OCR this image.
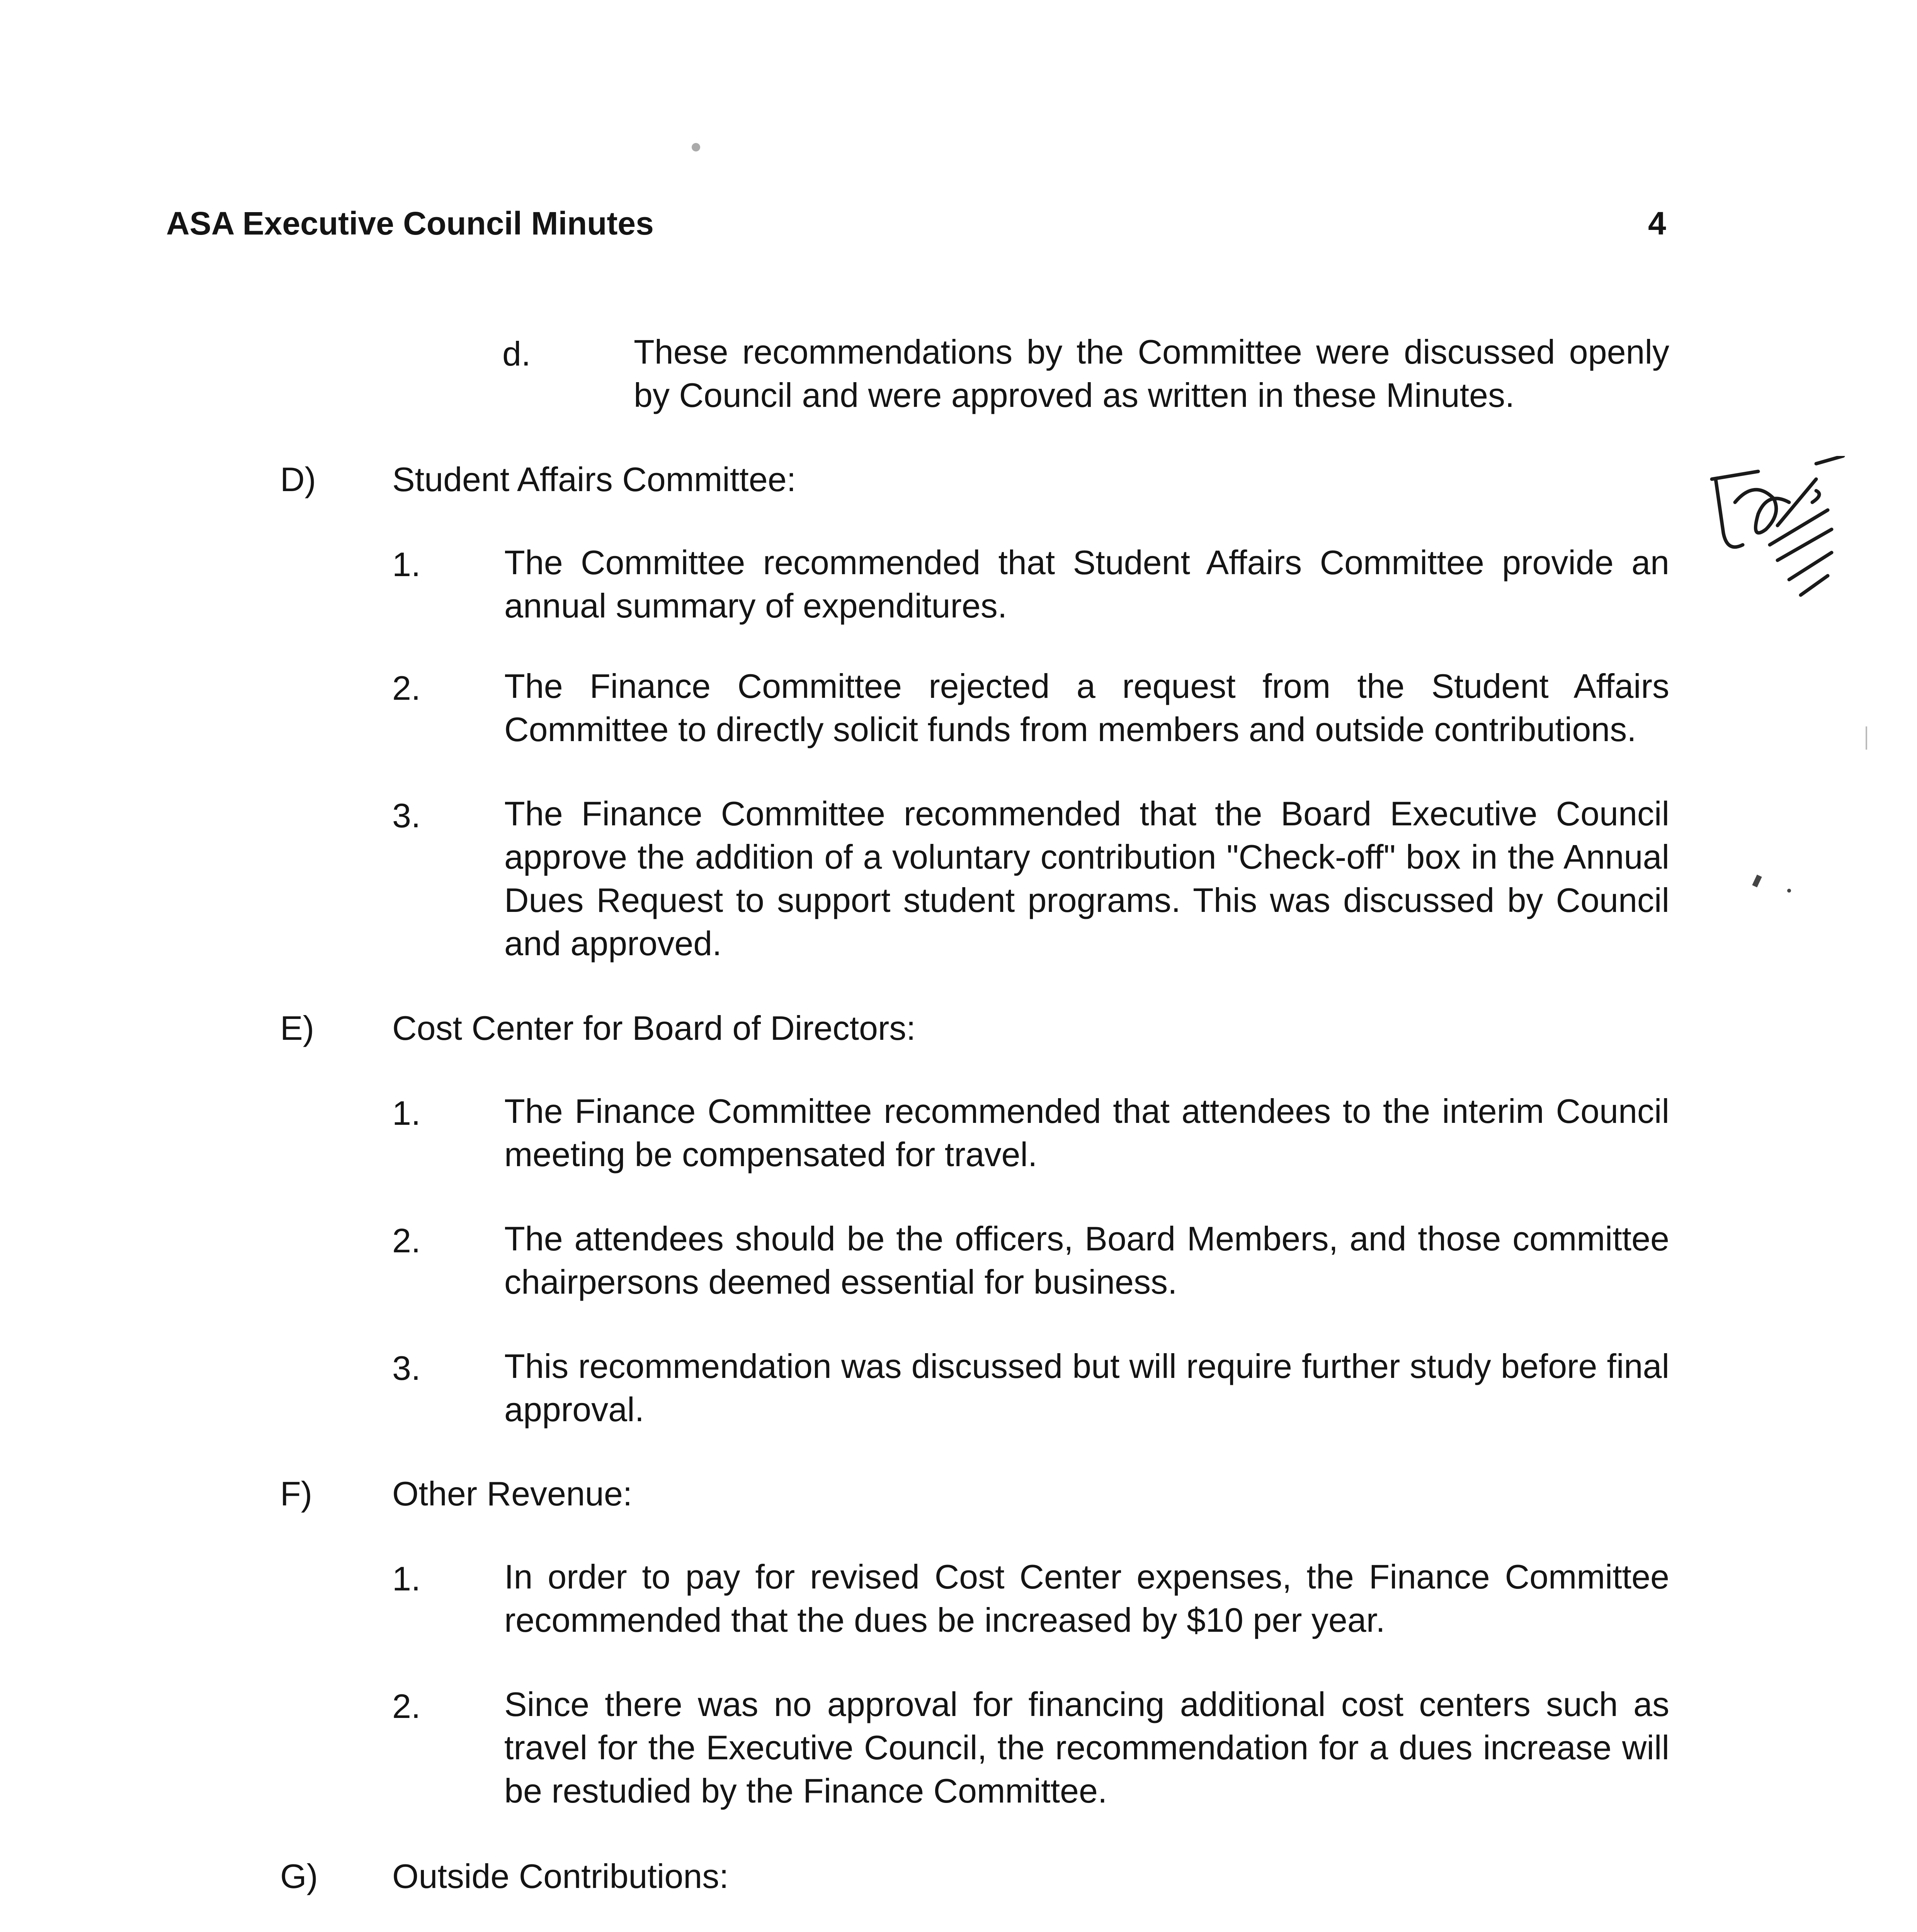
ASA Executive Council Minutes	4
d.	These recommendations by the Committee were discussed openly by Council and were approved as written in these Minutes.

D) Student Affairs Committee:
1. The Committee recommended that Student Affairs Committee provide an annual summary of expenditures.

2. The Finance Committee rejected a request from the Student Affairs Committee to directly solicit funds from members and outside contributions.

3. The Finance Committee recommended that the Board Executive Council approve the addition of a voluntary contribution "Check-off" box in the Annual Dues Request to support student programs. This was discussed by Council and approved.

E) Cost Center for Board of Directors:
1. The Finance Committee recommended that attendees to the interim Council meeting be compensated for travel.

2. The attendees should be the officers, Board Members, and those committee chairpersons deemed essential for business.

3. This recommendation was discussed but will require further study before final approval.

F) Other Revenue:
1. In order to pay for revised Cost Center expenses, the Finance Committee recommended that the dues be increased by $10 per year.

2. Since there was no approval for financing additional cost centers such as travel for the Executive Council, the recommendation for a dues increase will be restudied by the Finance Committee.

G) Outside Contributions:
